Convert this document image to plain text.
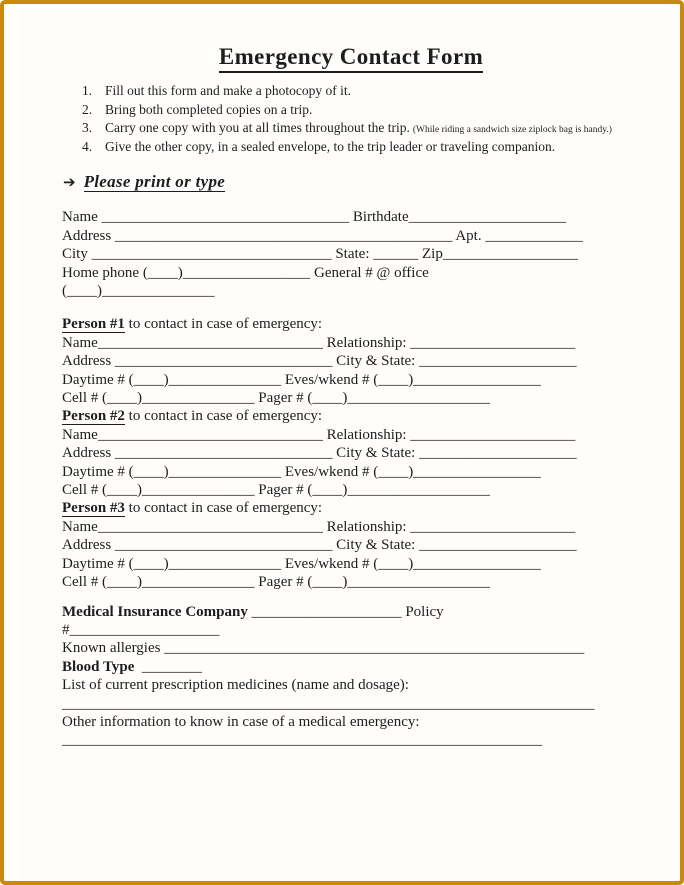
Emergency Contact Form
1. Fill out this form and make a photocopy of it.
2. Bring both completed copies on a trip.
3. Carry one copy with you at all times throughout the trip. (While riding a sandwich size ziplock bag is handy.)
4. Give the other copy, in a sealed envelope, to the trip leader or traveling companion.
➔ Please print or type
Name _________________________________ Birthdate_____________________
Address _____________________________________________ Apt. _____________
City ________________________________ State: ______ Zip__________________
Home phone (____)_________________ General # @ office
(____)_______________
Person #1 to contact in case of emergency:
Name______________________________ Relationship: ______________________
Address _____________________________ City & State: _____________________
Daytime # (____)_______________ Eves/wkend # (____)_________________
Cell # (____)_______________ Pager # (____)___________________
Person #2 to contact in case of emergency:
Name______________________________ Relationship: ______________________
Address _____________________________ City & State: _____________________
Daytime # (____)_______________ Eves/wkend # (____)_________________
Cell # (____)_______________ Pager # (____)___________________
Person #3 to contact in case of emergency:
Name______________________________ Relationship: ______________________
Address _____________________________ City & State: _____________________
Daytime # (____)_______________ Eves/wkend # (____)_________________
Cell # (____)_______________ Pager # (____)___________________
Medical Insurance Company ____________________ Policy
#____________________
Known allergies ________________________________________________________
Blood Type  ________
List of current prescription medicines (name and dosage):
_______________________________________________________________________
Other information to know in case of a medical emergency:
________________________________________________________________
